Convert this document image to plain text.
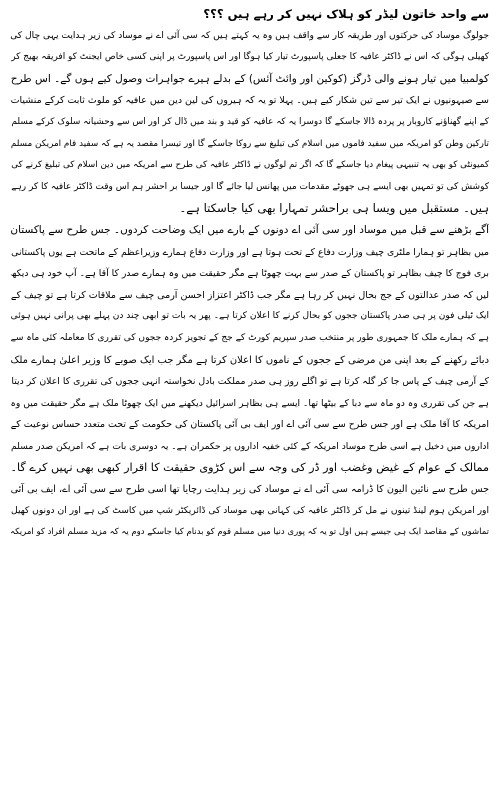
سے واحد خاتون لیڈر کو ہلاک نہیں کر رہے ہیں ؟؟؟
جولوگ موساد کی حرکتوں اور طریقہ کار سے واقف ہیں وہ یہ کہتے ہیں کہ سی آئی اے نے موساد کی زیر ہدایت یہی چال کی
کھیلی ہوگی کہ اس نے ڈاکٹر عافیہ کا جعلی پاسپورٹ تیار کیا ہوگا اور اس پاسپورٹ پر اپنی کسی خاص ایجنٹ کو افریقہ بھیج کر
کولمبیا میں تیار ہونے والی ڈرگز (کوکین اور وائٹ آئس) کے بدلے ہیرے جواہرات وصول کیے ہوں گے۔ اس طرح
سے صیہونیوں نے ایک تیر سے تین شکار کیے ہیں۔ پہلا تو یہ کہ ہیروں کی لین دین میں عافیہ کو ملوث ثابت کرکے منشیات
کے اپنے گھناؤنے کاروبار پر پردہ ڈالا جاسکے گا دوسرا یہ کہ عافیہ کو قید و بند میں ڈال کر اور اس سے وحشیانہ سلوک کرکے مسلم
تارکین وطن کو امریکہ میں سفید فاموں میں اسلام کی تبلیغ سے روکا جاسکے گا اور تیسرا مقصد یہ ہے کہ سفید فام امریکن مسلم
کمیونٹی کو بھی یہ تنبیہی پیغام دیا جاسکے گا کہ اگر تم لوگوں نے ڈاکٹر عافیہ کی طرح سے امریکہ میں دین اسلام کی تبلیغ کرنے کی
کوشش کی تو تمہیں بھی ایسے ہی جھوٹے مقدمات میں پھانس لیا جائے گا اور جیسا بر احشر ہم اس وقت ڈاکٹر عافیہ کا کر رہے
ہیں۔ مستقبل میں ویسا ہی براحشر تمہارا بھی کیا جاسکتا ہے۔
آگے بڑھنے سے قبل میں موساد اور سی آئی اے دونوں کے بارے میں ایک وضاحت کردوں۔ جس طرح سے پاکستان
میں بظاہر تو ہمارا ملٹری چیف وزارت دفاع کے تحت ہوتا ہے اور وزارت دفاع ہمارے وزیراعظم کے ماتحت ہے یوں پاکستانی
بری فوج کا چیف بظاہر تو پاکستان کے صدر سے بہت چھوٹا ہے مگر حقیقت میں وہ ہمارے صدر کا آقا ہے۔ آپ خود ہی دیکھ
لیں کہ صدر عدالتوں کے جج بحال نہیں کر رہا ہے مگر جب ڈاکٹر اعتزاز احسن آرمی چیف سے ملاقات کرتا ہے تو چیف کے
ایک ٹیلی فون پر ہی صدر پاکستان ججوں کو بحال کرنے کا اعلان کرتا ہے۔ پھر یہ بات تو ابھی چند دن پہلے بھی پرانی نہیں ہوئی
ہے کہ ہمارے ملک کا جمہوری طور پر منتخب صدر سپریم کورٹ کے جج کے تجویز کردہ ججوں کی تقرری کا معاملہ کئی ماہ سے
دبائے رکھنے کے بعد اپنی من مرضی کے ججوں کے ناموں کا اعلان کرتا ہے مگر جب ایک صوبے کا وزیر اعلیٰ ہمارے ملک
کے آرمی چیف کے پاس جا کر گلہ کرتا ہے تو اگلے روز ہی صدر مملکت بادل نخواستہ انہی ججوں کی تقرری کا اعلان کر دیتا
ہے جن کی تقرری وہ دو ماہ سے دبا کے بیٹھا تھا۔ ایسے ہی بظاہر اسرائیل دیکھنے میں ایک چھوٹا ملک ہے مگر حقیقت میں وہ
امریکہ کا آقا ملک ہے اور جس طرح سے سی آئی اے اور ایف بی آئی پاکستان کی حکومت کے تحت متعدد حساس نوعیت کے
اداروں میں دخیل ہے اسی طرح موساد امریکہ کے کئی خفیہ اداروں پر حکمران ہے۔ یہ دوسری بات ہے کہ امریکن صدر مسلم
ممالک کے عوام کے غیض وغضب اور ڈر کی وجہ سے اس کڑوی حقیقت کا اقرار کبھی بھی نہیں کرے گا۔
جس طرح سے نائین الیون کا ڈرامہ سی آئی اے نے موساد کی زیر ہدایت رچایا تھا اسی طرح سے سی آئی اے، ایف بی آئی
اور امریکن ہوم لینڈ تینوں نے مل کر ڈاکٹر عافیہ کی کہانی بھی موساد کی ڈائریکٹر شپ میں کاسٹ کی ہے اور ان دونوں کھیل
تماشوں کے مقاصد ایک ہی جیسے ہیں اول تو یہ کہ پوری دنیا میں مسلم قوم کو بدنام کیا جاسکے دوم یہ کہ مزید مسلم افراد کو امریکہ
